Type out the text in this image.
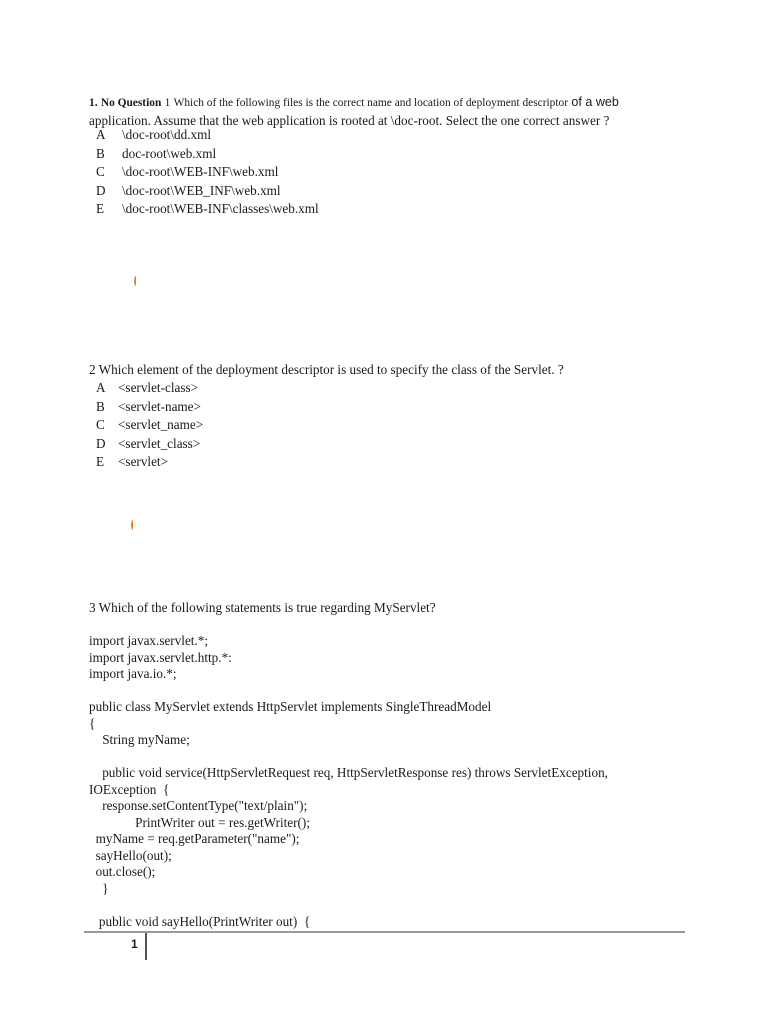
1. No Question 1 Which of the following files is the correct name and location of deployment descriptor of a web application. Assume that the web application is rooted at \doc-root. Select the one correct answer ?
A	\doc-root\dd.xml
B	doc-root\web.xml
C	\doc-root\WEB-INF\web.xml
D	\doc-root\WEB_INF\web.xml
E	\doc-root\WEB-INF\classes\web.xml
2 Which element of the deployment descriptor is used to specify the class of the Servlet. ?
A <servlet-class>
B	<servlet-name>
C	<servlet_name>
D <servlet_class>
E	<servlet>
3 Which of the following statements is true regarding MyServlet?
import javax.servlet.*;
import javax.servlet.http.*:
import java.io.*;
public class MyServlet extends HttpServlet implements SingleThreadModel
{
String myName;
public void service(HttpServletRequest req, HttpServletResponse res) throws ServletException,
IOException  {
response.setContentType("text/plain");
PrintWriter out = res.getWriter();
myName = req.getParameter("name");
sayHello(out);
out.close();
}
public void sayHello(PrintWriter out)  {
1
